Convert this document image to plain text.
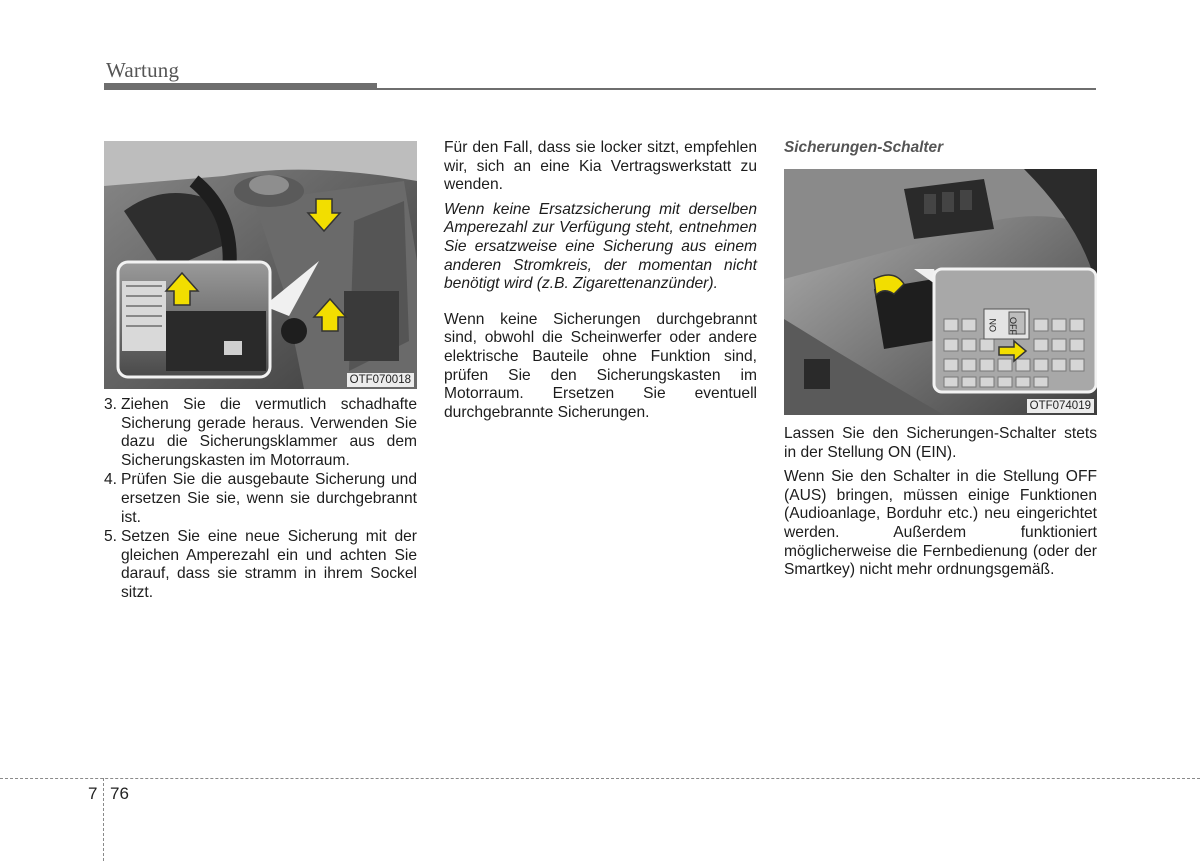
Wartung
OTF070018
3. Ziehen Sie die vermutlich schadhafte Sicherung gerade heraus. Verwenden Sie dazu die Sicherungsklammer aus dem Sicherungskasten im Motorraum.
4. Prüfen Sie die ausgebaute Sicherung und ersetzen Sie sie, wenn sie durchgebrannt ist.
5. Setzen Sie eine neue Sicherung mit der gleichen Amperezahl ein und achten Sie darauf, dass sie stramm in ihrem Sockel sitzt.

Für den Fall, dass sie locker sitzt, empfehlen wir, sich an eine Kia Vertragswerkstatt zu wenden.

Wenn keine Ersatzsicherung mit derselben Amperezahl zur Verfügung steht, entnehmen Sie ersatzweise eine Sicherung aus einem anderen Stromkreis, der momentan nicht benötigt wird (z.B. Zigarettenanzünder).

Wenn keine Sicherungen durchgebrannt sind, obwohl die Scheinwerfer oder andere elektrische Bauteile ohne Funktion sind, prüfen Sie den Sicherungskasten im Motorraum. Ersetzen Sie eventuell durchgebrannte Sicherungen.

Sicherungen-Schalter

ON OFF
OTF074019

Lassen Sie den Sicherungen-Schalter stets in der Stellung ON (EIN).

Wenn Sie den Schalter in die Stellung OFF (AUS) bringen, müssen einige Funktionen (Audioanlage, Borduhr etc.) neu eingerichtet werden. Außerdem funktioniert möglicherweise die Fernbedienung (oder der Smartkey) nicht mehr ordnungsgemäß.

7 76
